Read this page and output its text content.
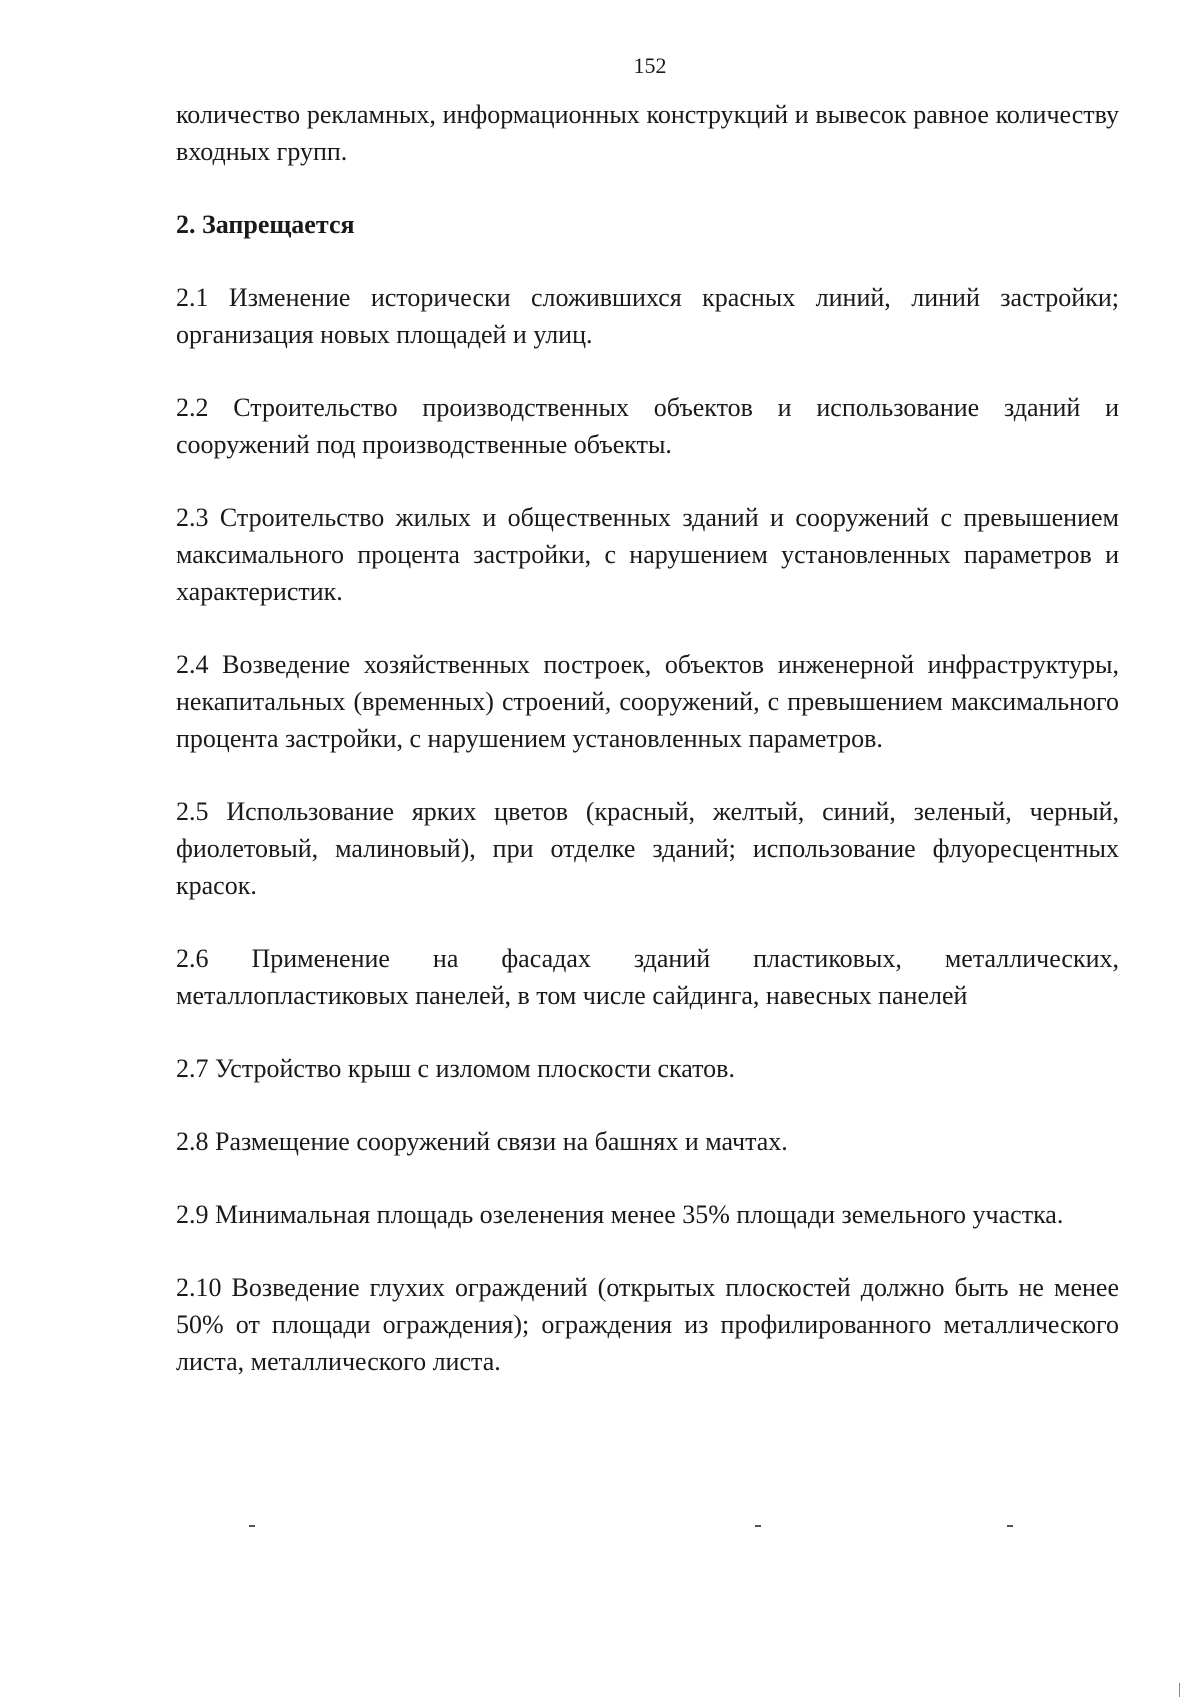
152

количество рекламных, информационных конструкций и вывесок равное количеству входных групп.

2. Запрещается

2.1 Изменение исторически сложившихся красных линий, линий застройки; организация новых площадей и улиц.

2.2 Строительство производственных объектов и использование зданий и сооружений под производственные объекты.

2.3 Строительство жилых и общественных зданий и сооружений с превышением максимального процента застройки, с нарушением установленных параметров и характеристик.

2.4 Возведение хозяйственных построек, объектов инженерной инфраструктуры, некапитальных (временных) строений, сооружений, с превышением максимального процента застройки, с нарушением установленных параметров.

2.5 Использование ярких цветов (красный, желтый, синий, зеленый, черный, фиолетовый, малиновый), при отделке зданий; использование флуоресцентных красок.

2.6 Применение на фасадах зданий пластиковых, металлических, металлопластиковых панелей, в том числе сайдинга, навесных панелей

2.7 Устройство крыш с изломом плоскости скатов.

2.8 Размещение сооружений связи на башнях и мачтах.

2.9 Минимальная площадь озеленения менее 35% площади земельного участка.

2.10 Возведение глухих ограждений (открытых плоскостей должно быть не менее 50% от площади ограждения); ограждения из профилированного металлического листа, металлического листа.
